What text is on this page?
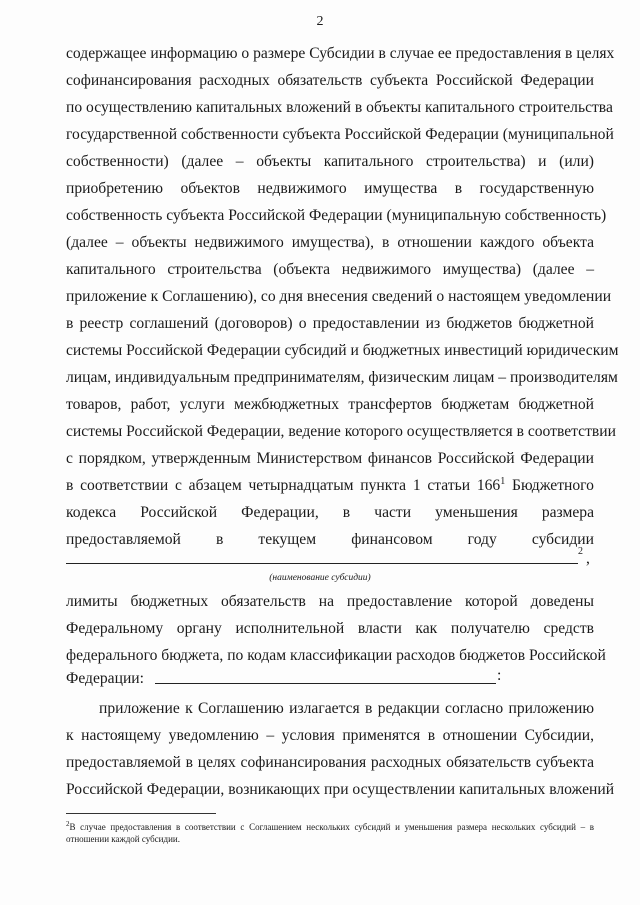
2
содержащее информацию о размере Субсидии в случае ее предоставления в целях
софинансирования расходных обязательств субъекта Российской Федерации
по осуществлению капитальных вложений в объекты капитального строительства
государственной собственности субъекта Российской Федерации (муниципальной
собственности) (далее – объекты капитального строительства) и (или)
приобретению объектов недвижимого имущества в государственную
собственность субъекта Российской Федерации (муниципальную собственность)
(далее – объекты недвижимого имущества), в отношении каждого объекта
капитального строительства (объекта недвижимого имущества) (далее –
приложение к Соглашению), со дня внесения сведений о настоящем уведомлении
в реестр соглашений (договоров) о предоставлении из бюджетов бюджетной
системы Российской Федерации субсидий и бюджетных инвестиций юридическим
лицам, индивидуальным предпринимателям, физическим лицам – производителям
товаров, работ, услуги межбюджетных трансфертов бюджетам бюджетной
системы Российской Федерации, ведение которого осуществляется в соответствии
с порядком, утвержденным Министерством финансов Российской Федерации
в соответствии с абзацем четырнадцатым пункта 1 статьи $166^1$ Бюджетного
кодекса Российской Федерации, в части уменьшения размера
предоставляемой в текущем финансовом году субсидии
2 ,
(наименование субсидии)
лимиты бюджетных обязательств на предоставление которой доведены
Федеральному органу исполнительной власти как получателю средств
федерального бюджета, по кодам классификации расходов бюджетов Российской
Федерации:	:
приложение к Соглашению излагается в редакции согласно приложению
к настоящему уведомлению – условия применятся в отношении Субсидии,
предоставляемой в целях софинансирования расходных обязательств субъекта
Российской Федерации, возникающих при осуществлении капитальных вложений
$^2$В случае предоставления в соответствии с Соглашением нескольких субсидий и уменьшения размера нескольких субсидий – в отношении каждой субсидии.
